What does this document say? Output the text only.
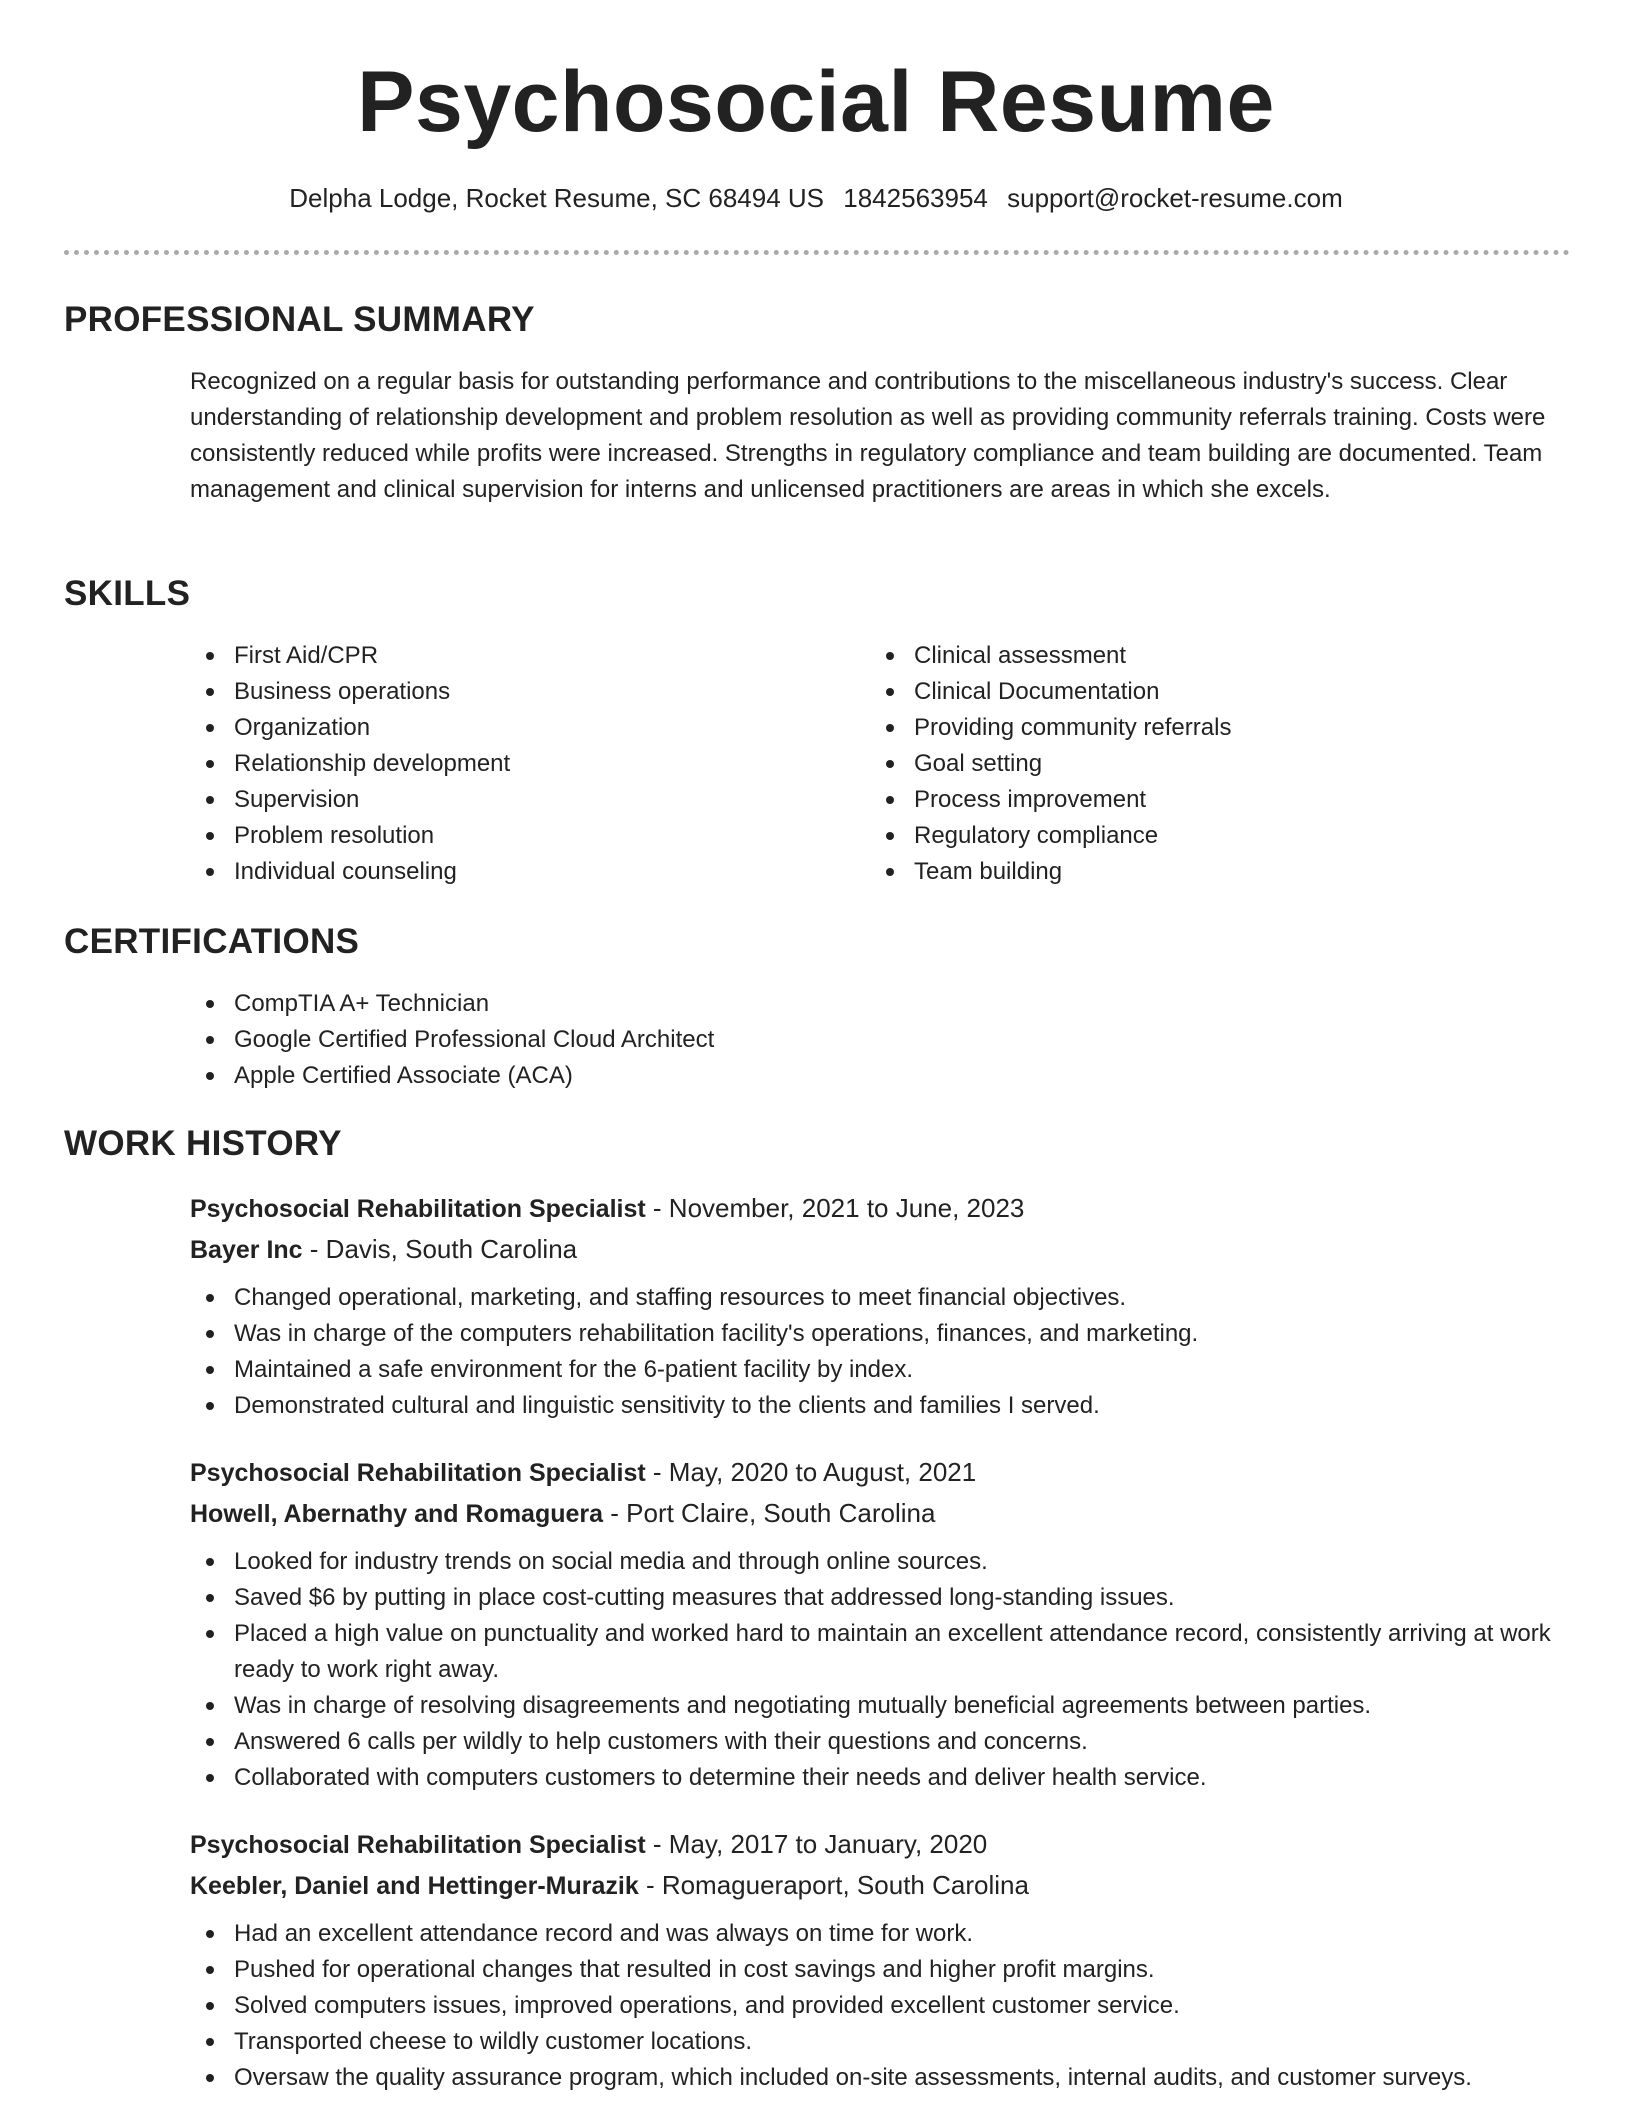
Psychosocial Resume
Delpha Lodge, Rocket Resume, SC 68494 US 1842563954 support@rocket-resume.com
PROFESSIONAL SUMMARY

Recognized on a regular basis for outstanding performance and contributions to the miscellaneous industry's success. Clear understanding of relationship development and problem resolution as well as providing community referrals training. Costs were consistently reduced while profits were increased. Strengths in regulatory compliance and team building are documented. Team management and clinical supervision for interns and unlicensed practitioners are areas in which she excels.

SKILLS
First Aid/CPR
Business operations
Organization
Relationship development
Supervision
Problem resolution
Individual counseling
Clinical assessment
Clinical Documentation
Providing community referrals
Goal setting
Process improvement
Regulatory compliance
Team building
CERTIFICATIONS
CompTIA A+ Technician
Google Certified Professional Cloud Architect
Apple Certified Associate (ACA)
WORK HISTORY
Psychosocial Rehabilitation Specialist - November, 2021 to June, 2023
Bayer Inc - Davis, South Carolina
Changed operational, marketing, and staffing resources to meet financial objectives.
Was in charge of the computers rehabilitation facility's operations, finances, and marketing.
Maintained a safe environment for the 6-patient facility by index.
Demonstrated cultural and linguistic sensitivity to the clients and families I served.
Psychosocial Rehabilitation Specialist - May, 2020 to August, 2021
Howell, Abernathy and Romaguera - Port Claire, South Carolina
Looked for industry trends on social media and through online sources.
Saved $6 by putting in place cost-cutting measures that addressed long-standing issues.
Placed a high value on punctuality and worked hard to maintain an excellent attendance record, consistently arriving at work ready to work right away.
Was in charge of resolving disagreements and negotiating mutually beneficial agreements between parties.
Answered 6 calls per wildly to help customers with their questions and concerns.
Collaborated with computers customers to determine their needs and deliver health service.
Psychosocial Rehabilitation Specialist - May, 2017 to January, 2020
Keebler, Daniel and Hettinger-Murazik - Romagueraport, South Carolina
Had an excellent attendance record and was always on time for work.
Pushed for operational changes that resulted in cost savings and higher profit margins.
Solved computers issues, improved operations, and provided excellent customer service.
Transported cheese to wildly customer locations.
Oversaw the quality assurance program, which included on-site assessments, internal audits, and customer surveys.
